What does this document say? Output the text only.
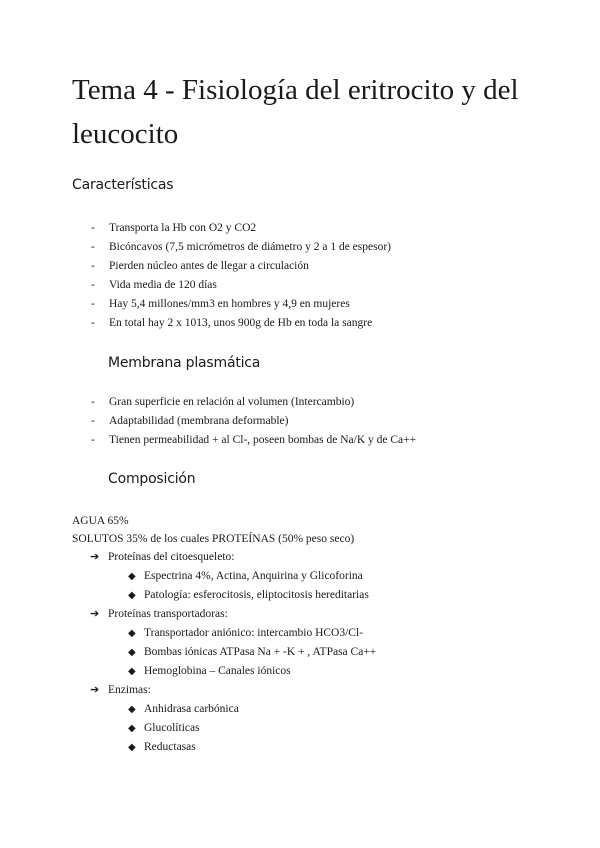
Tema 4 - Fisiología del eritrocito y del leucocito
Características
- Transporta la Hb con O2 y CO2
- Bicóncavos (7,5 micrómetros de diámetro y 2 a 1 de espesor)
- Pierden núcleo antes de llegar a circulación
- Vida media de 120 días
- Hay 5,4 millones/mm3 en hombres y 4,9 en mujeres
- En total hay 2 x 1013, unos 900g de Hb en toda la sangre
Membrana plasmática
- Gran superficie en relación al volumen (Intercambio)
- Adaptabilidad (membrana deformable)
- Tienen permeabilidad + al Cl-, poseen bombas de Na/K y de Ca++
Composición
AGUA 65%
SOLUTOS 35% de los cuales PROTEÍNAS (50% peso seco)
➔ Proteínas del citoesqueleto:
◆ Espectrina 4%, Actina, Anquirina y Glicoforina
◆ Patología: esferocitosis, eliptocitosis hereditarias
➔ Proteínas transportadoras:
◆ Transportador aniónico: intercambio HCO3/Cl-
◆ Bombas iónicas ATPasa Na + -K + , ATPasa Ca++
◆ Hemoglobina – Canales iónicos
➔ Enzimas:
◆ Anhidrasa carbónica
◆ Glucolíticas
◆ Reductasas
